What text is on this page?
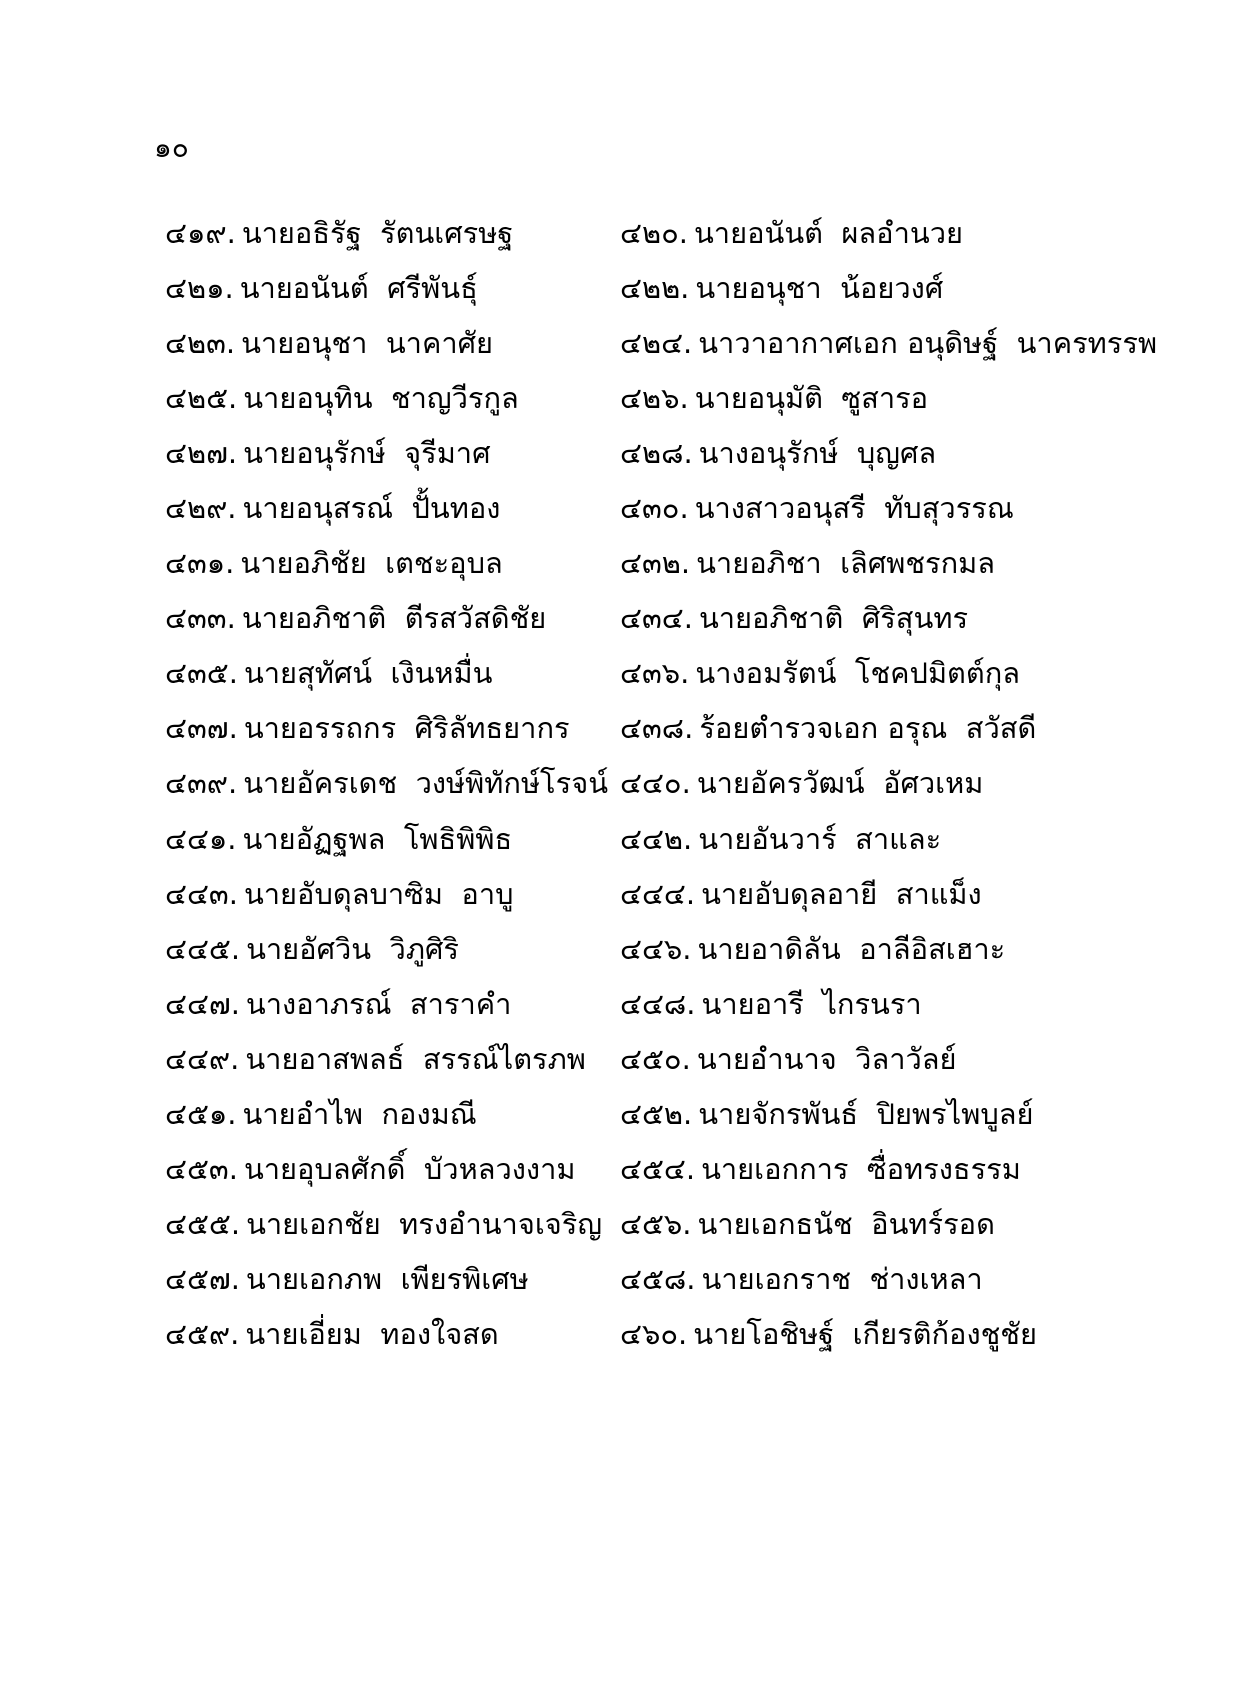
๑๐
๔๑๙. นายอธิรัฐ  รัตนเศรษฐ	๔๒๐. นายอนันต์  ผลอำนวย
๔๒๑. นายอนันต์  ศรีพันธุ์	๔๒๒. นายอนุชา  น้อยวงศ์
๔๒๓. นายอนุชา  นาคาศัย	๔๒๔. นาวาอากาศเอก อนุดิษฐ์  นาครทรรพ
๔๒๕. นายอนุทิน  ชาญวีรกูล	๔๒๖. นายอนุมัติ  ซูสารอ
๔๒๗. นายอนุรักษ์  จุรีมาศ	๔๒๘. นางอนุรักษ์  บุญศล
๔๒๙. นายอนุสรณ์  ปั้นทอง	๔๓๐. นางสาวอนุสรี  ทับสุวรรณ
๔๓๑. นายอภิชัย  เตชะอุบล	๔๓๒. นายอภิชา  เลิศพชรกมล
๔๓๓. นายอภิชาติ  ตีรสวัสดิชัย	๔๓๔. นายอภิชาติ  ศิริสุนทร
๔๓๕. นายสุทัศน์  เงินหมื่น	๔๓๖. นางอมรัตน์  โชคปมิตต์กุล
๔๓๗. นายอรรถกร  ศิริลัทธยากร ๔๓๘. ร้อยตำรวจเอก อรุณ  สวัสดี
๔๓๙. นายอัครเดช  วงษ์พิทักษ์โรจน์ ๔๔๐. นายอัครวัฒน์  อัศวเหม
๔๔๑. นายอัฏฐพล  โพธิพิพิธ	๔๔๒. นายอันวาร์  สาและ
๔๔๓. นายอับดุลบาซิม  อาบู	๔๔๔. นายอับดุลอายี  สาแม็ง
๔๔๕. นายอัศวิน  วิภูศิริ	๔๔๖. นายอาดิลัน  อาลีอิสเฮาะ
๔๔๗. นางอาภรณ์  สาราคำ	๔๔๘. นายอารี  ไกรนรา
๔๔๙. นายอาสพลธ์  สรรณ์ไตรภพ ๔๕๐. นายอำนาจ  วิลาวัลย์
๔๕๑. นายอำไพ  กองมณี	๔๕๒. นายจักรพันธ์  ปิยพรไพบูลย์
๔๕๓. นายอุบลศักดิ์  บัวหลวงงาม ๔๕๔. นายเอกการ  ซื่อทรงธรรม
๔๕๕. นายเอกชัย  ทรงอำนาจเจริญ ๔๕๖. นายเอกธนัช  อินทร์รอด
๔๕๗. นายเอกภพ  เพียรพิเศษ	๔๕๘. นายเอกราช  ช่างเหลา
๔๕๙. นายเอี่ยม  ทองใจสด	๔๖๐. นายโอชิษฐ์  เกียรติก้องชูชัย
